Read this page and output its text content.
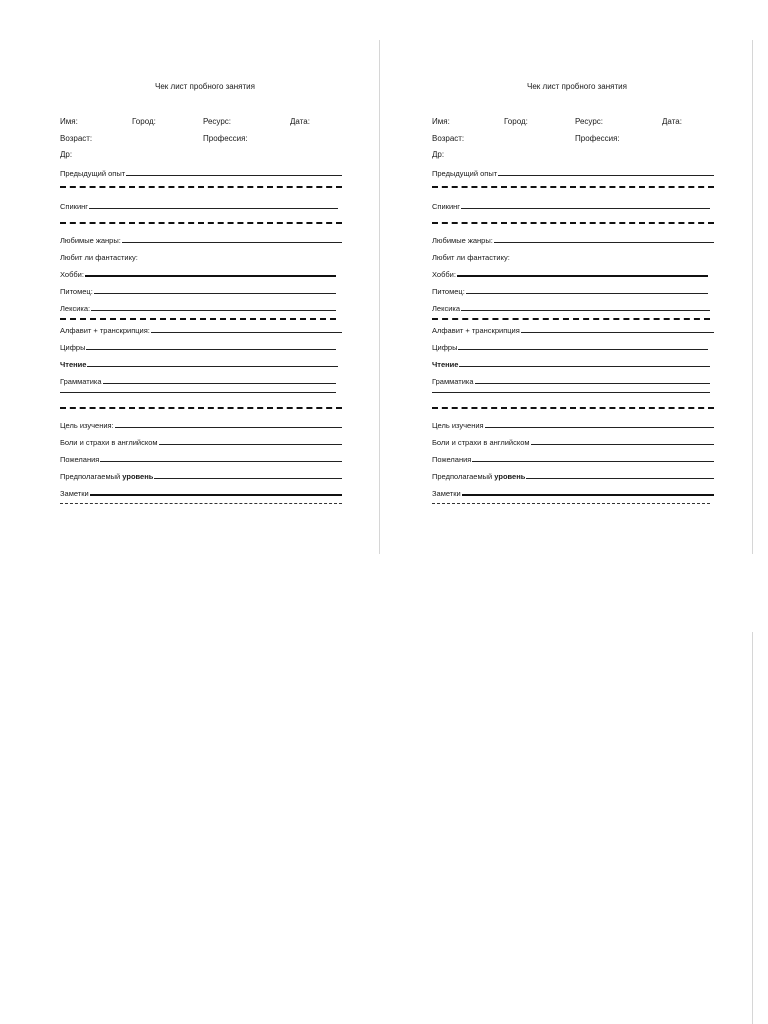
Чек лист пробного занятия
Имя:	Город:	Ресурс:	Дата:
Возраст:	Профессия:
Др:
Предыдущий опыт
Спикинг
Любимые жанры:
Любит ли фантастику:
Хобби:
Питомец:
Лексика:
Алфавит + транскрипция:
Цифры
Чтение
Грамматика
Цель изучения:
Боли и страхи в английском
Пожелания
Предполагаемый уровень
Заметки
Чек лист пробного занятия
Имя:	Город:	Ресурс:	Дата:
Возраст:	Профессия:
Др:
Предыдущий опыт
Спикинг
Любимые жанры:
Любит ли фантастику:
Хобби:
Питомец:
Лексика
Алфавит + транскрипция
Цифры
Чтение
Грамматика
Цель изучения
Боли и страхи в английском
Пожелания
Предполагаемый уровень
Заметки
